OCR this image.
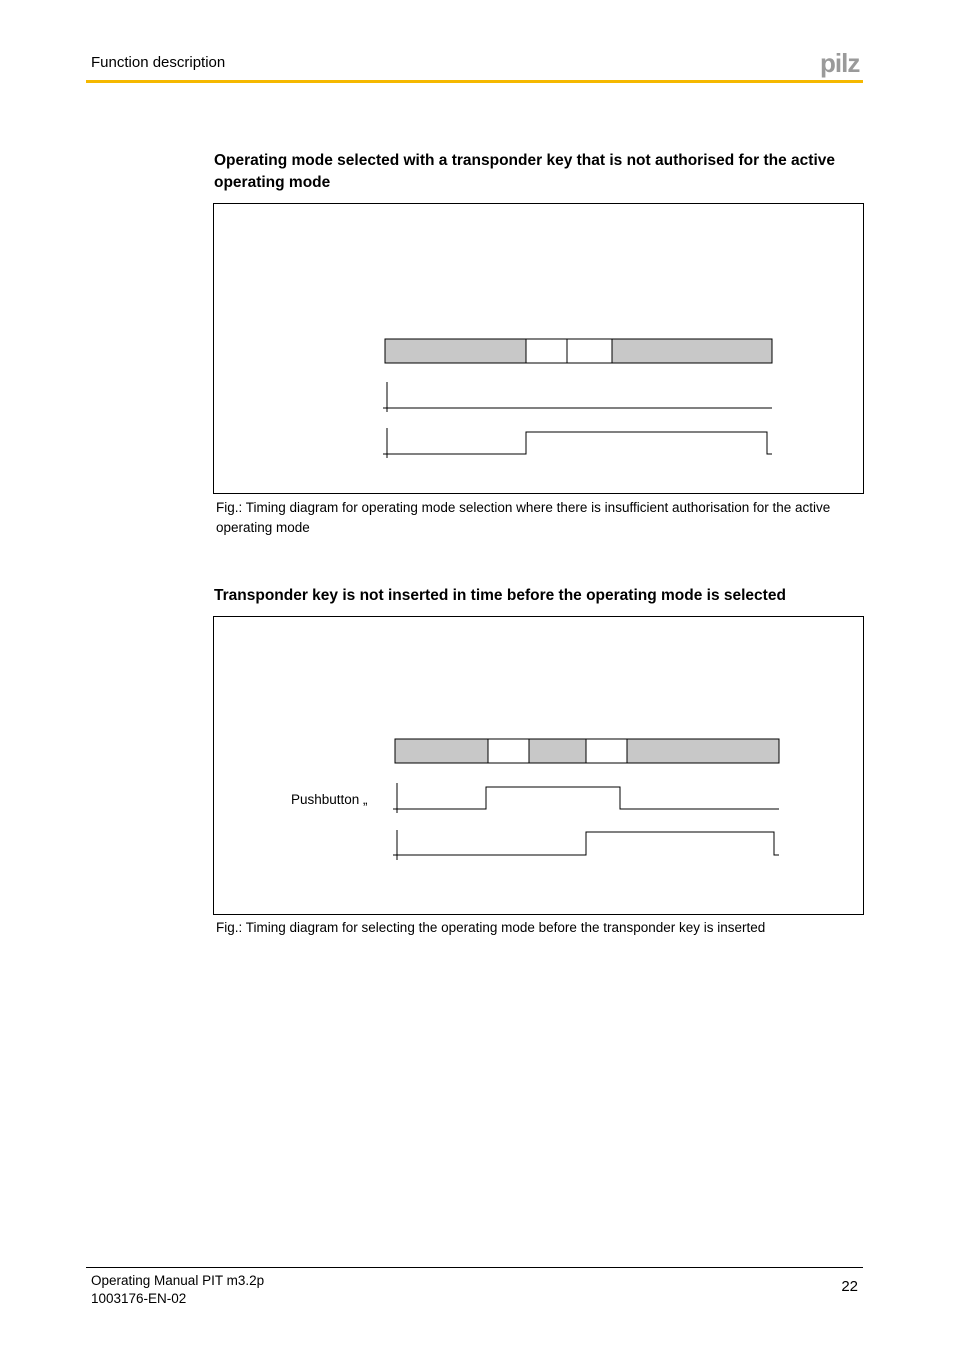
Function description	pilz
Operating mode selected with a transponder key that is not authorised for the active operating mode
Fig.: Timing diagram for operating mode selection where there is insufficient authorisation for the active operating mode
Transponder key is not inserted in time before the operating mode is selected
Pushbutton „
Fig.: Timing diagram for selecting the operating mode before the transponder key is inserted
Operating Manual PIT m3.2p
1003176-EN-02
22
